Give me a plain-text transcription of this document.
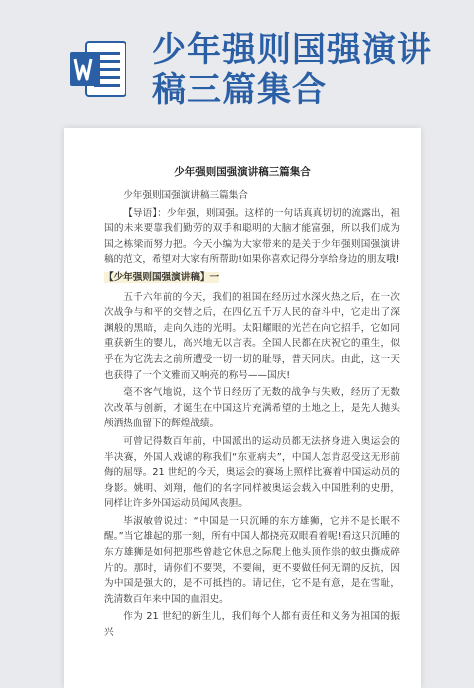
少年强则国强演讲稿三篇集合
少年强则国强演讲稿三篇集合

少年强则国强演讲稿三篇集合

【导语】：少年强，则国强。这样的一句话真真切切的流露出，祖国的未来要靠我们勤劳的双手和聪明的大脑才能富强，所以我们成为国之栋梁而努力把。今天小编为大家带来的是关于少年强则国强演讲稿的范文，希望对大家有所帮助!如果你喜欢记得分享给身边的朋友哦!

【少年强则国强演讲稿】一

五千六年前的今天，我们的祖国在经历过水深火热之后，在一次次战争与和平的交替之后，在四亿五千万人民的奋斗中，它走出了深渊般的黑暗，走向久违的光明。太阳耀眼的光芒在向它招手，它如同重获新生的婴儿，高兴地无以言表。全国人民都在庆祝它的重生，似乎在为它洗去之前所遭受一切一切的耻辱，普天同庆。由此，这一天也获得了一个文雅而又响亮的称号——国庆!

毫不客气地说，这个节日经历了无数的战争与失败，经历了无数次改革与创新，才诞生在中国这片充满希望的土地之上，是先人抛头颅洒热血留下的辉煌战绩。

可曾记得数百年前，中国派出的运动员都无法挤身进入奥运会的半决赛，外国人戏谑的称我们“东亚病夫”，中国人怎肯忍受这无形前侮的屈辱。21 世纪的今天，奥运会的赛场上照样比赛着中国运动员的身影。姚明、刘翔，他们的名字同样被奥运会载入中国胜利的史册，同样让许多外国运动员闻风丧胆。

毕淑敏曾说过：“中国是一只沉睡的东方雄狮，它并不是长眠不醒。”当它雄起的那一刻，所有中国人都挠亮双眼看着呢!看这只沉睡的东方雄狮是如何把那些曾趁它休息之际爬上他头顶作祟的蚊虫撕成碎片的。那时，请你们不要哭，不要闹，更不要做任何无谓的反抗，因为中国是强大的，是不可抵挡的。请记住，它不是有意，是在雪耻，洗清数百年来中国的血泪史。

作为 21 世纪的新生儿，我们每个人都有责任和义务为祖国的振兴
